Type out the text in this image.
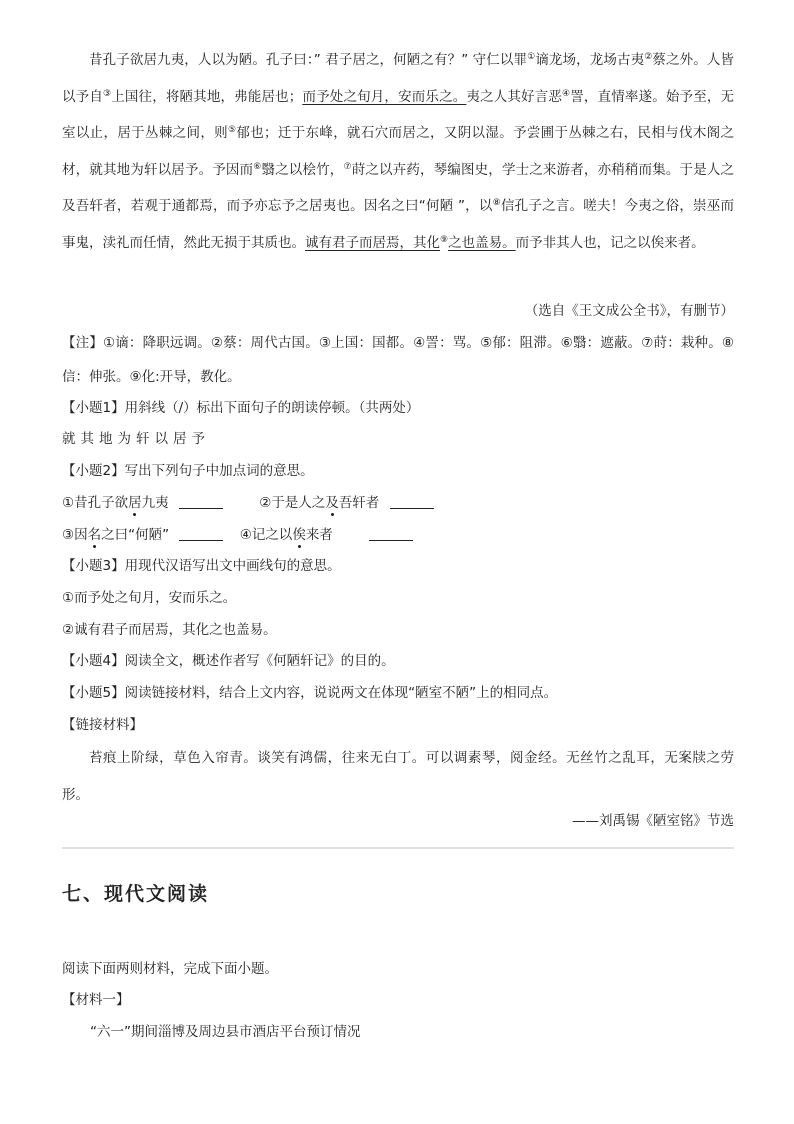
昔孔子欲居九夷，人以为陋。孔子曰：” 君子居之，何陋之有？” 守仁以罪①谪龙场，龙场古夷②蔡之外。人皆以予自③上国往，将陋其地，弗能居也；而予处之旬月，安而乐之。夷之人其好言恶④詈，直情率遂。始予至，无室以止，居于丛棘之间，则⑤郁也；迁于东峰，就石穴而居之，又阴以湿。予尝圃于丛棘之右，民相与伐木阁之材，就其地为轩以居予。予因而⑥翳之以桧竹，⑦莳之以卉药，琴编图史，学士之来游者，亦稍稍而集。于是人之及吾轩者，若观于通都焉，而予亦忘予之居夷也。因名之曰“何陋 ”，以⑧信孔子之言。嗟夫！今夷之俗，崇巫而事鬼，渎礼而任情，然此无损于其质也。诚有君子而居焉，其化⑨之也盖易。而予非其人也，记之以俟来者。
（选自《王文成公全书》，有删节）
【注】①谪：降职远调。②蔡：周代古国。③上国：国都。④詈：骂。⑤郁：阻滞。⑥翳：遮蔽。⑦莳：栽种。⑧信：伸张。⑨化:开导，教化。
【小题1】用斜线（/）标出下面句子的朗读停顿。（共两处）
就其地为轩以居予
【小题2】写出下列句子中加点词的意思。
①昔孔子欲居九夷	②于是人之及吾轩者
③因名之曰“何陋”	④记之以俟来者
【小题3】用现代汉语写出文中画线句的意思。
①而予处之旬月，安而乐之。
②诚有君子而居焉，其化之也盖易。
【小题4】阅读全文，概述作者写《何陋轩记》的目的。
【小题5】阅读链接材料，结合上文内容，说说两文在体现“陋室不陋”上的相同点。
【链接材料】
苔痕上阶绿，草色入帘青。谈笑有鸿儒，往来无白丁。可以调素琴，阅金经。无丝竹之乱耳，无案牍之劳形。
——刘禹锡《陋室铭》节选
七、现代文阅读
阅读下面两则材料，完成下面小题。
【材料一】
“六一”期间淄博及周边县市酒店平台预订情况
